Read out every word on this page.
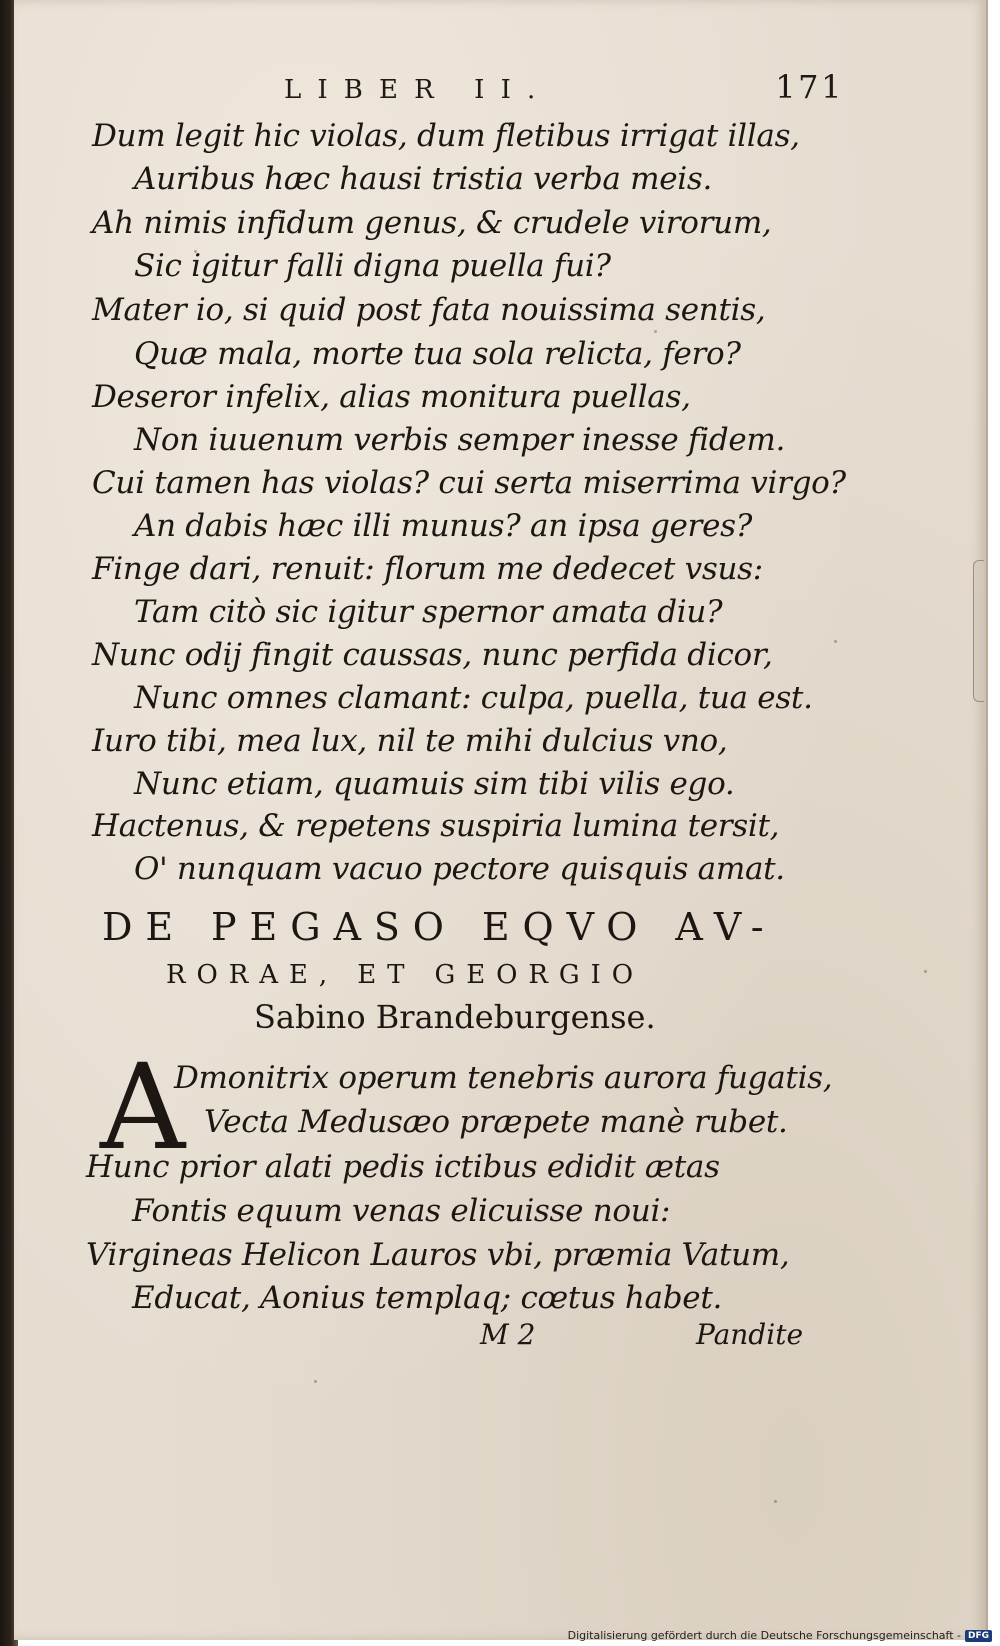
LIBER II.	171
Dum legit hic violas, dum fletibus irrigat illas,
Auribus hæc hausi tristia verba meis.
Ah nimis infidum genus, & crudele virorum,
Sic igitur falli digna puella fui?
Mater io, si quid post fata nouissima sentis,
Quæ mala, morte tua sola relicta, fero?
Deseror infelix, alias monitura puellas,
Non iuuenum verbis semper inesse fidem.
Cui tamen has violas? cui serta miserrima virgo?
An dabis hæc illi munus? an ipsa geres?
Finge dari, renuit: florum me dedecet vsus:
Tam citò sic igitur spernor amata diu?
Nunc odij fingit caussas, nunc perfida dicor,
Nunc omnes clamant: culpa, puella, tua est.
Iuro tibi, mea lux, nil te mihi dulcius vno,
Nunc etiam, quamuis sim tibi vilis ego.
Hactenus, & repetens suspiria lumina tersit,
O' nunquam vacuo pectore quisquis amat.
DE PEGASO EQVO AV-
RORAE, ET GEORGIO
Sabino Brandeburgense.
A
Dmonitrix operum tenebris aurora fugatis,
Vecta Medusæo præpete manè rubet.
Hunc prior alati pedis ictibus edidit ætas
Fontis equum venas elicuisse noui:
Virgineas Helicon Lauros vbi, præmia Vatum,
Educat, Aonius templaq; cœtus habet.
M 2	Pandite
Digitalisierung gefördert durch die Deutsche Forschungsgemeinschaft - DFG
